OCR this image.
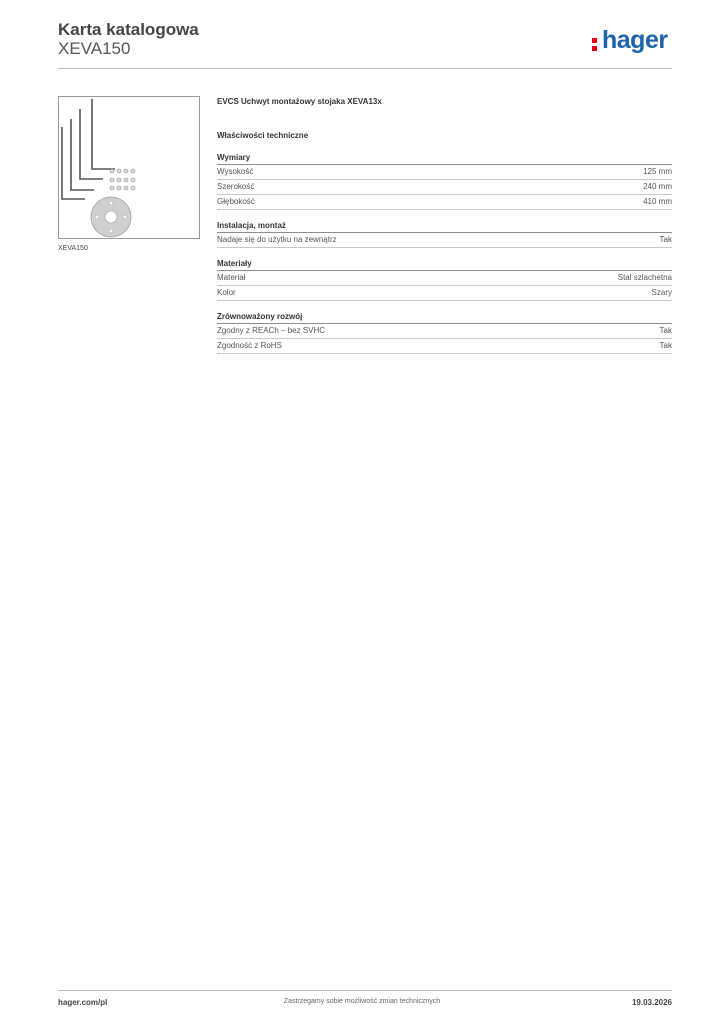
Karta katalogowa
XEVA150	hager
XEVA150
EVCS Uchwyt montażowy stojaka XEVA13x
Właściwości techniczne
Wymiary
Wysokość	125 mm
Szerokość	240 mm
Głębokość	410 mm
Instalacja, montaż
Nadaje się do użytku na zewnątrz	Tak
Materiały
Materiał	Stal szlachetna
Kolor	Szary
Zrównoważony rozwój
Zgodny z REACh – bez SVHC	Tak
Zgodność z RoHS	Tak
hager.com/pl	Zastrzegamy sobie możliwość zmian technicznych	19.03.2026
